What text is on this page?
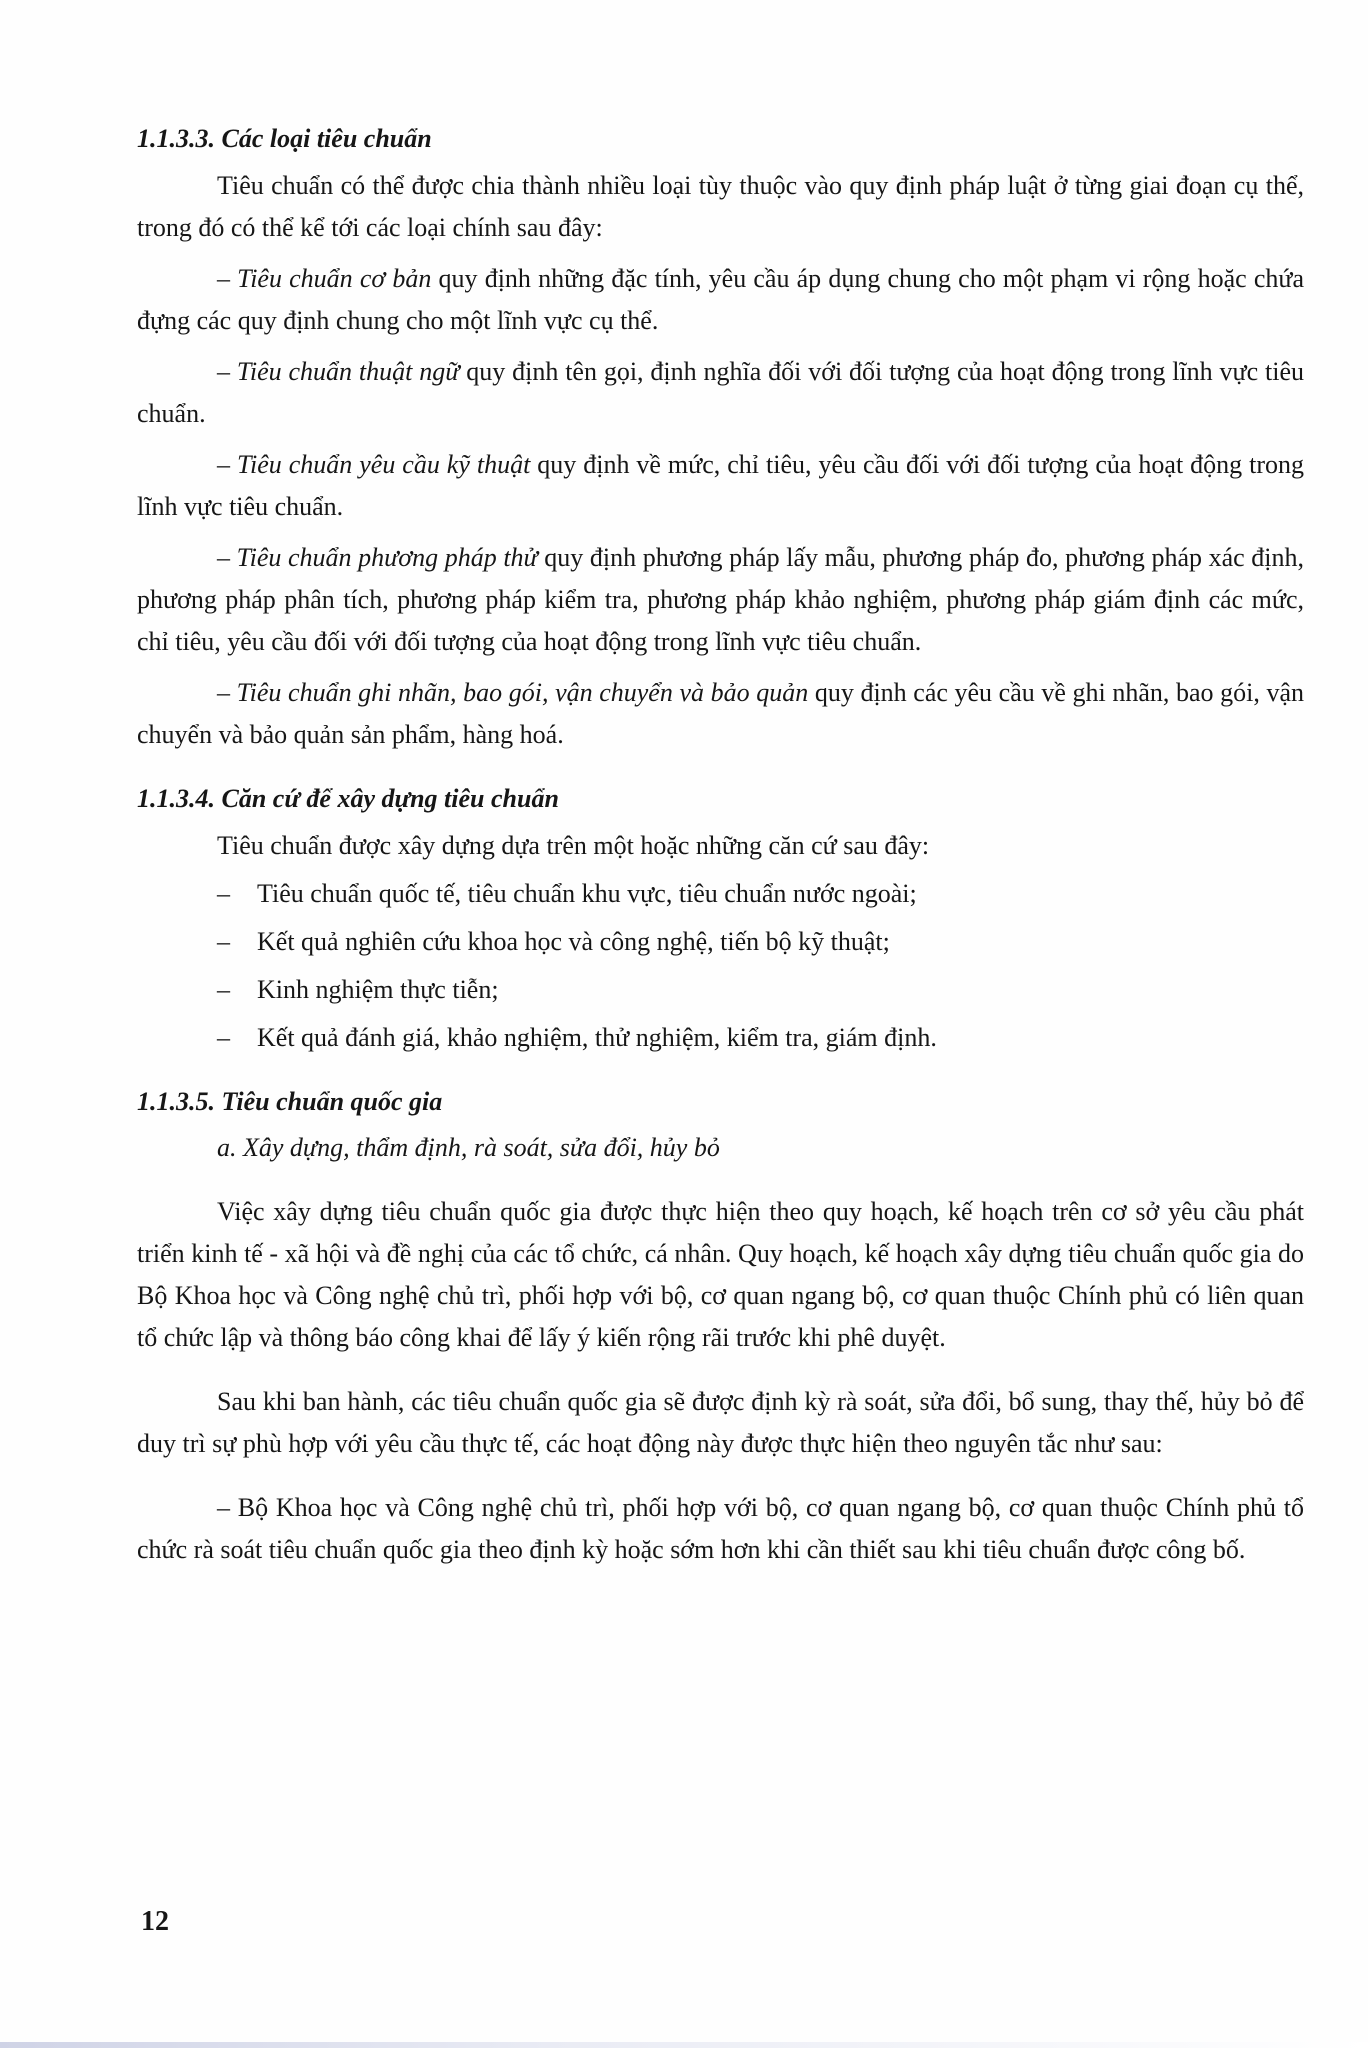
1.1.3.3. Các loại tiêu chuẩn

Tiêu chuẩn có thể được chia thành nhiều loại tùy thuộc vào quy định pháp luật ở từng giai đoạn cụ thể, trong đó có thể kể tới các loại chính sau đây:

– Tiêu chuẩn cơ bản quy định những đặc tính, yêu cầu áp dụng chung cho một phạm vi rộng hoặc chứa đựng các quy định chung cho một lĩnh vực cụ thể.

– Tiêu chuẩn thuật ngữ quy định tên gọi, định nghĩa đối với đối tượng của hoạt động trong lĩnh vực tiêu chuẩn.

– Tiêu chuẩn yêu cầu kỹ thuật quy định về mức, chỉ tiêu, yêu cầu đối với đối tượng của hoạt động trong lĩnh vực tiêu chuẩn.

– Tiêu chuẩn phương pháp thử quy định phương pháp lấy mẫu, phương pháp đo, phương pháp xác định, phương pháp phân tích, phương pháp kiểm tra, phương pháp khảo nghiệm, phương pháp giám định các mức, chỉ tiêu, yêu cầu đối với đối tượng của hoạt động trong lĩnh vực tiêu chuẩn.

– Tiêu chuẩn ghi nhãn, bao gói, vận chuyển và bảo quản quy định các yêu cầu về ghi nhãn, bao gói, vận chuyển và bảo quản sản phẩm, hàng hoá.

1.1.3.4. Căn cứ để xây dựng tiêu chuẩn

Tiêu chuẩn được xây dựng dựa trên một hoặc những căn cứ sau đây:

– Tiêu chuẩn quốc tế, tiêu chuẩn khu vực, tiêu chuẩn nước ngoài;

– Kết quả nghiên cứu khoa học và công nghệ, tiến bộ kỹ thuật;

– Kinh nghiệm thực tiễn;

– Kết quả đánh giá, khảo nghiệm, thử nghiệm, kiểm tra, giám định.

1.1.3.5. Tiêu chuẩn quốc gia

a. Xây dựng, thẩm định, rà soát, sửa đổi, hủy bỏ

Việc xây dựng tiêu chuẩn quốc gia được thực hiện theo quy hoạch, kế hoạch trên cơ sở yêu cầu phát triển kinh tế - xã hội và đề nghị của các tổ chức, cá nhân. Quy hoạch, kế hoạch xây dựng tiêu chuẩn quốc gia do Bộ Khoa học và Công nghệ chủ trì, phối hợp với bộ, cơ quan ngang bộ, cơ quan thuộc Chính phủ có liên quan tổ chức lập và thông báo công khai để lấy ý kiến rộng rãi trước khi phê duyệt.

Sau khi ban hành, các tiêu chuẩn quốc gia sẽ được định kỳ rà soát, sửa đổi, bổ sung, thay thế, hủy bỏ để duy trì sự phù hợp với yêu cầu thực tế, các hoạt động này được thực hiện theo nguyên tắc như sau:

– Bộ Khoa học và Công nghệ chủ trì, phối hợp với bộ, cơ quan ngang bộ, cơ quan thuộc Chính phủ tổ chức rà soát tiêu chuẩn quốc gia theo định kỳ hoặc sớm hơn khi cần thiết sau khi tiêu chuẩn được công bố.

12
